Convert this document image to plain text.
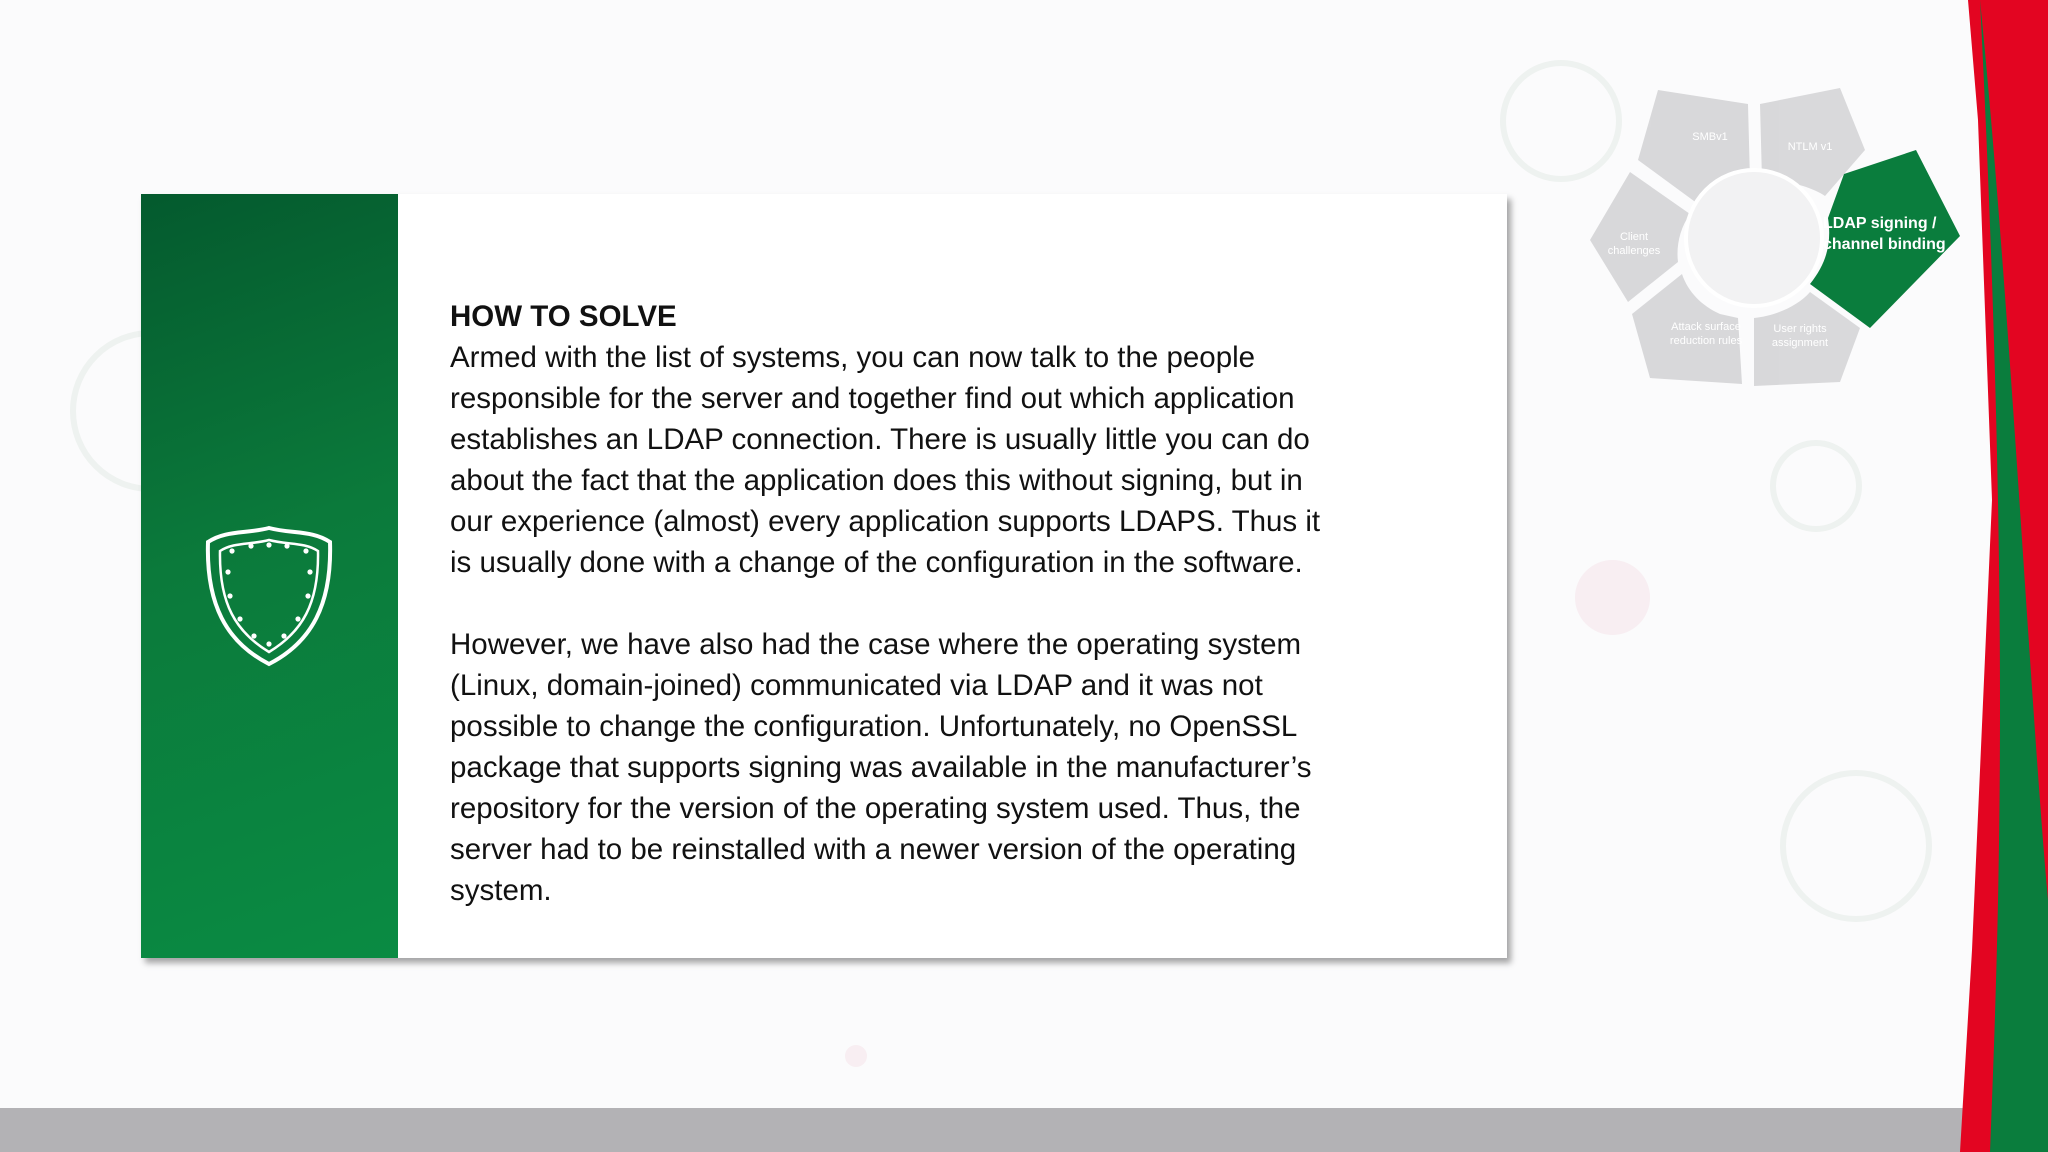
HOW TO SOLVE

Armed with the list of systems, you can now talk to the people
responsible for the server and together find out which application
establishes an LDAP connection. There is usually little you can do
about the fact that the application does this without signing, but in
our experience (almost) every application supports LDAPS. Thus it
is usually done with a change of the configuration in the software.

However, we have also had the case where the operating system
(Linux, domain-joined) communicated via LDAP and it was not
possible to change the configuration. Unfortunately, no OpenSSL
package that supports signing was available in the manufacturer’s
repository for the version of the operating system used. Thus, the
server had to be reinstalled with a newer version of the operating
system.

SMBv1
NTLM v1
LDAP signing /
channel binding
User rights
assignment
Attack surface
reduction rules
Client
challenges
